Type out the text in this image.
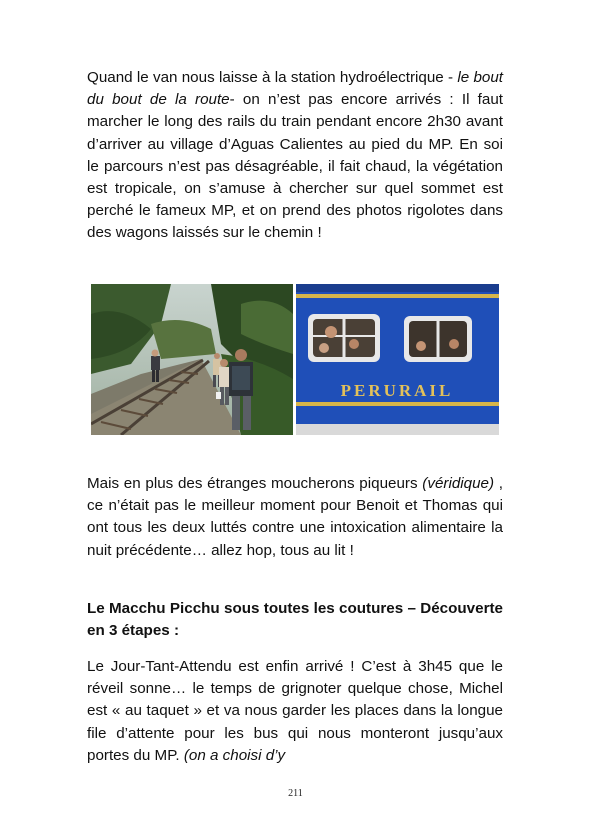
Quand le van nous laisse à la station hydroélectrique - le bout du bout de la route- on n’est pas encore arrivés : Il faut marcher le long des rails du train pendant encore 2h30 avant d’arriver au village d’Aguas Calientes au pied du MP. En soi le parcours n’est pas désagréable, il fait chaud, la végétation est tropicale, on s’amuse à chercher sur quel sommet est perché le fameux MP, et on prend des photos rigolotes dans des wagons laissés sur le chemin !
PERURAIL
Mais en plus des étranges moucherons piqueurs (véridique) , ce n’était pas le meilleur moment pour Benoit et Thomas qui ont tous les deux luttés contre une intoxication alimentaire la nuit précédente… allez hop, tous au lit !
Le Macchu Picchu sous toutes les coutures – Découverte en 3 étapes :
Le Jour-Tant-Attendu est enfin arrivé ! C’est à 3h45 que le réveil sonne… le temps de grignoter quelque chose, Michel est « au taquet » et va nous garder les places dans la longue file d’attente pour les bus qui nous monteront jusqu’aux portes du MP. (on a choisi d’y
211
